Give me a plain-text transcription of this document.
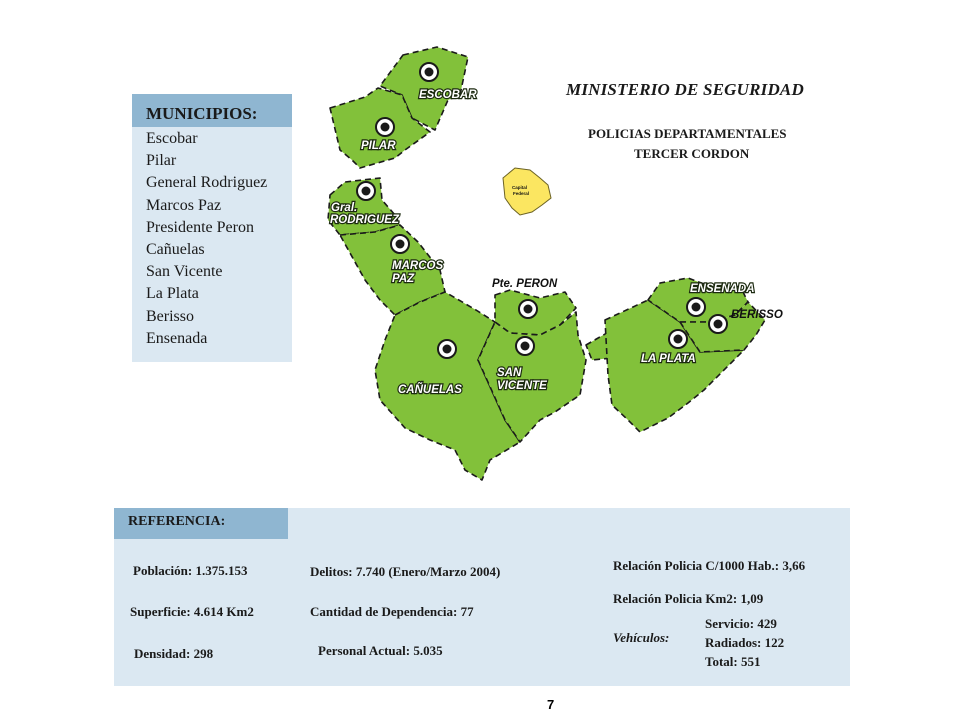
MUNICIPIOS:
Escobar
Pilar
General Rodriguez
Marcos Paz
Presidente Peron
Cañuelas
San Vicente
La Plata
Berisso
Ensenada
MINISTERIO DE SEGURIDAD
POLICIAS DEPARTAMENTALES
TERCER CORDON
Capital
Federal
ESCOBAR
PILAR
Gral.
RODRIGUEZ
MARCOS
PAZ	Pte. PERON
CAÑUELAS
SAN
VICENTE
ENSENADA
BERISSO
LA PLATA
REFERENCIA:
Población: 1.375.153
Superficie: 4.614 Km2
Densidad: 298
Delitos: 7.740 (Enero/Marzo 2004)
Cantidad de Dependencia: 77
Personal Actual: 5.035
Relación Policia C/1000 Hab.: 3,66
Relación Policia Km2: 1,09
Vehículos:
Servicio: 429
Radiados: 122
Total: 551
7
